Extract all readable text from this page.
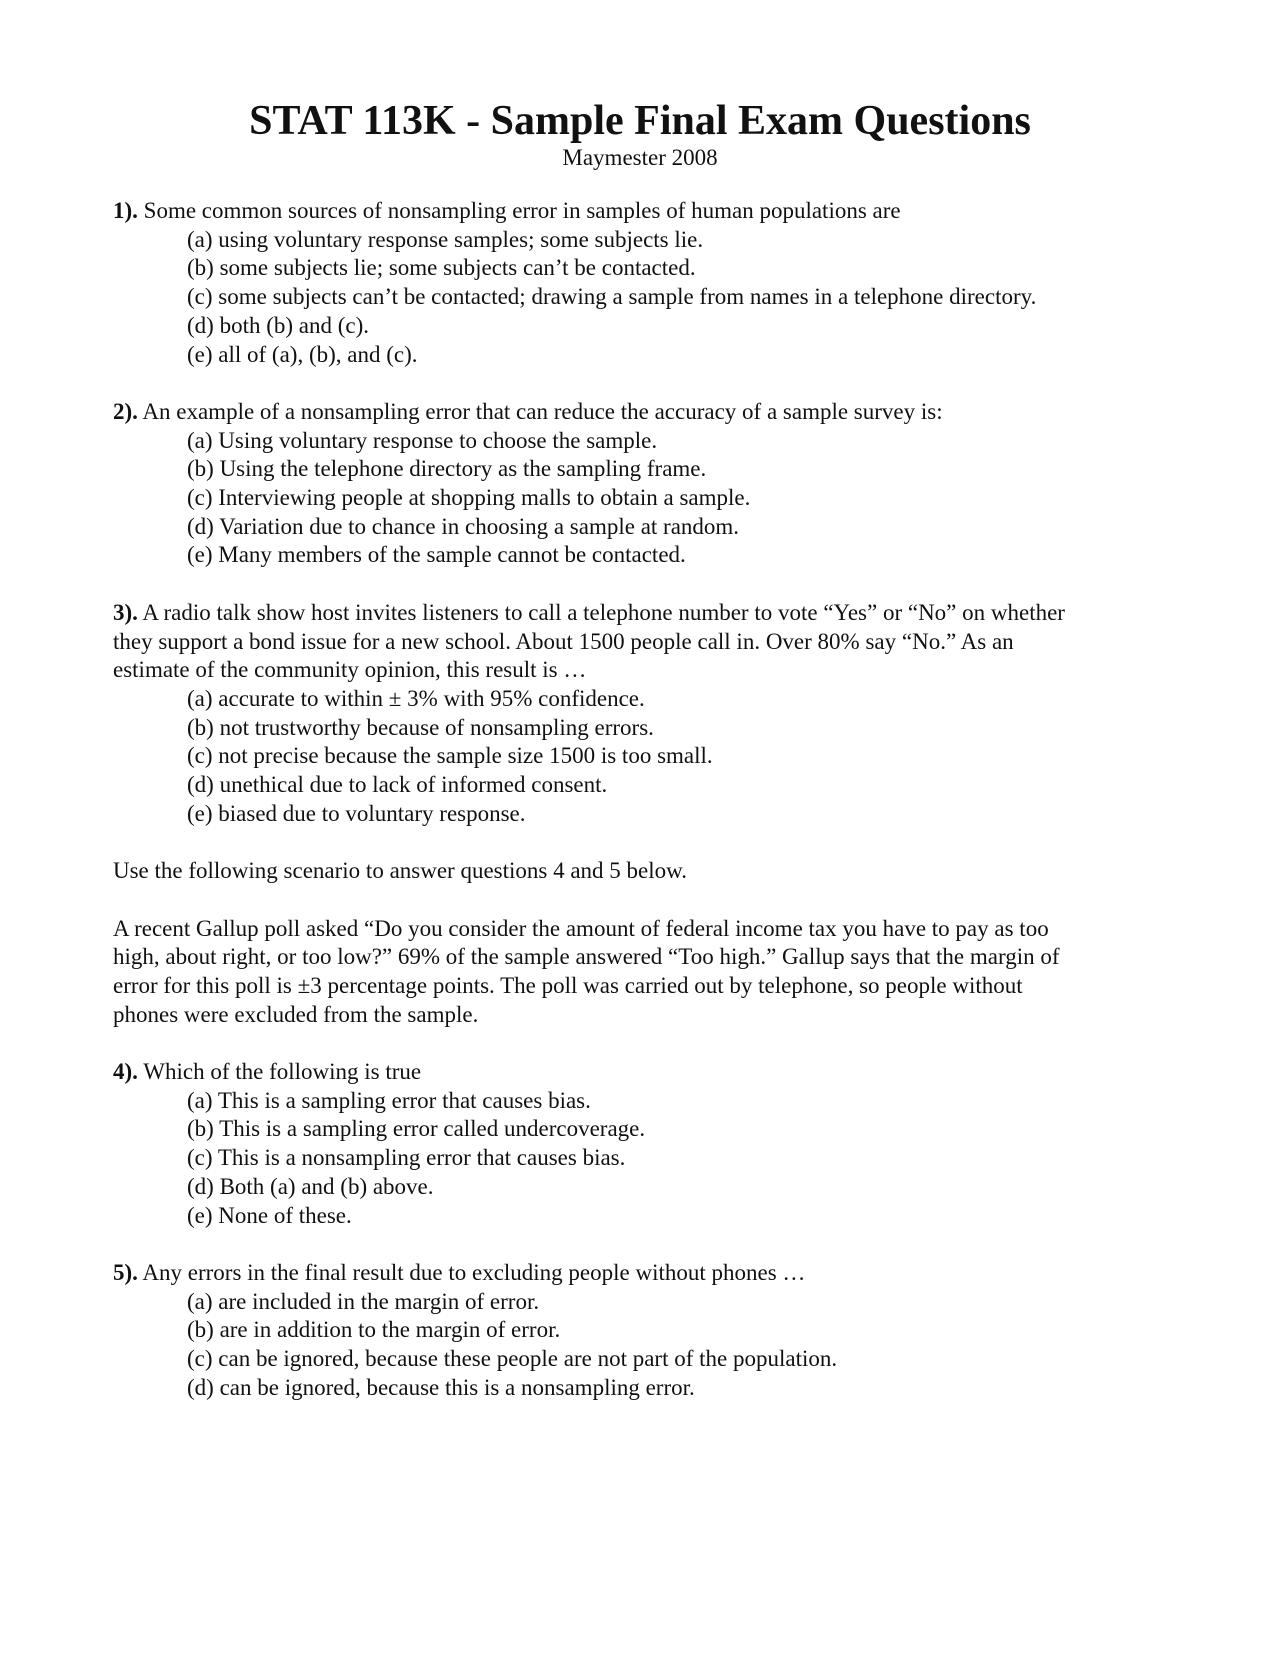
STAT 113K - Sample Final Exam Questions
Maymester 2008
1). Some common sources of nonsampling error in samples of human populations are
(a) using voluntary response samples; some subjects lie.
(b) some subjects lie; some subjects can’t be contacted.
(c) some subjects can’t be contacted; drawing a sample from names in a telephone directory.
(d) both (b) and (c).
(e) all of (a), (b), and (c).
2). An example of a nonsampling error that can reduce the accuracy of a sample survey is:
(a) Using voluntary response to choose the sample.
(b) Using the telephone directory as the sampling frame.
(c) Interviewing people at shopping malls to obtain a sample.
(d) Variation due to chance in choosing a sample at random.
(e) Many members of the sample cannot be contacted.
3). A radio talk show host invites listeners to call a telephone number to vote “Yes” or “No” on whether
they support a bond issue for a new school. About 1500 people call in. Over 80% say “No.” As an
estimate of the community opinion, this result is …
(a) accurate to within ± 3% with 95% confidence.
(b) not trustworthy because of nonsampling errors.
(c) not precise because the sample size 1500 is too small.
(d) unethical due to lack of informed consent.
(e) biased due to voluntary response.
Use the following scenario to answer questions 4 and 5 below.
A recent Gallup poll asked “Do you consider the amount of federal income tax you have to pay as too
high, about right, or too low?” 69% of the sample answered “Too high.” Gallup says that the margin of
error for this poll is ±3 percentage points. The poll was carried out by telephone, so people without
phones were excluded from the sample.
4). Which of the following is true
(a) This is a sampling error that causes bias.
(b) This is a sampling error called undercoverage.
(c) This is a nonsampling error that causes bias.
(d) Both (a) and (b) above.
(e) None of these.
5). Any errors in the final result due to excluding people without phones …
(a) are included in the margin of error.
(b) are in addition to the margin of error.
(c) can be ignored, because these people are not part of the population.
(d) can be ignored, because this is a nonsampling error.
